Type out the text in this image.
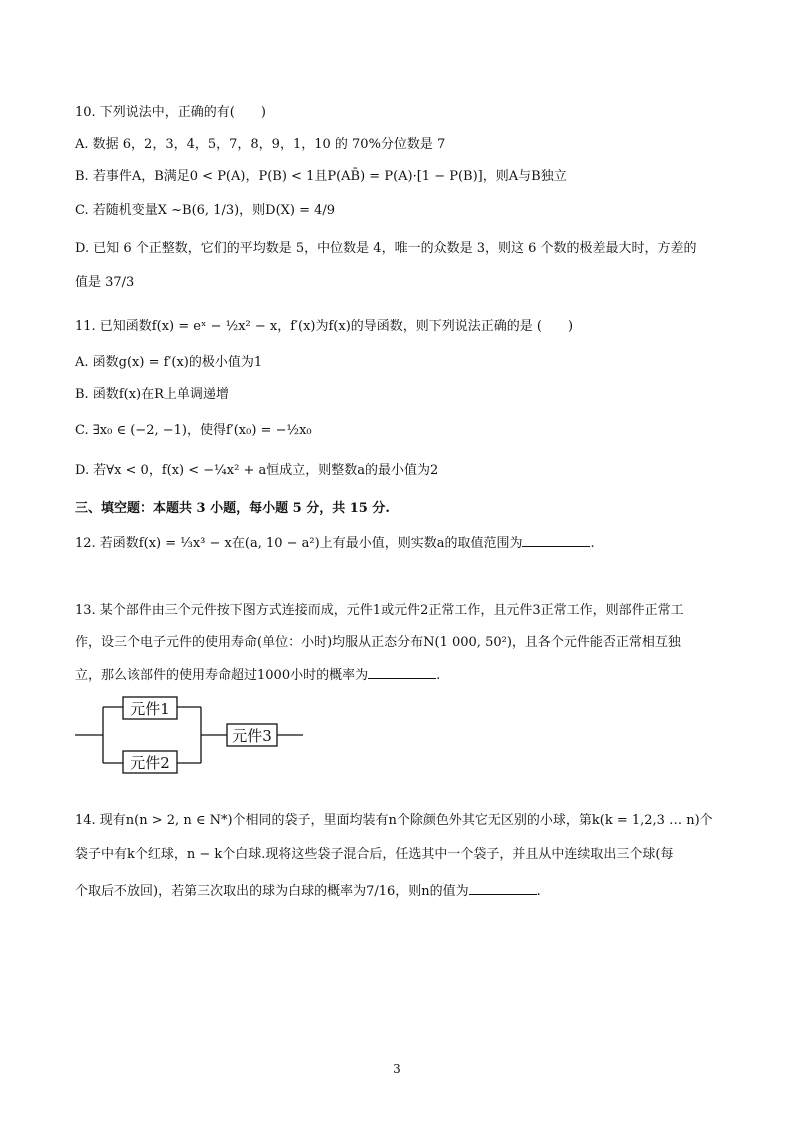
10. 下列说法中，正确的有(　　)
A. 数据 6，2，3，4，5，7，8，9，1，10 的 70%分位数是 7
B. 若事件A，B满足0 < P(A)，P(B) < 1且P(AB̄) = P(A)·[1 − P(B)]，则A与B独立
C. 若随机变量X ~B(6, 1/3)，则D(X) = 4/9
D. 已知 6 个正整数，它们的平均数是 5，中位数是 4，唯一的众数是 3，则这 6 个数的极差最大时，方差的
值是 37/3
11. 已知函数f(x) = eˣ − ½x² − x，f′(x)为f(x)的导函数，则下列说法正确的是 (　　)
A. 函数g(x) = f′(x)的极小值为1
B. 函数f(x)在R上单调递增
C. ∃x₀ ∈ (−2, −1)，使得f′(x₀) = −½x₀
D. 若∀x < 0，f(x) < −¼x² + a恒成立，则整数a的最小值为2
三、填空题：本题共 3 小题，每小题 5 分，共 15 分.
12. 若函数f(x) = ⅓x³ − x在(a, 10 − a²)上有最小值，则实数a的取值范围为	.
13. 某个部件由三个元件按下图方式连接而成，元件1或元件2正常工作，且元件3正常工作，则部件正常工
作，设三个电子元件的使用寿命(单位：小时)均服从正态分布N(1 000, 50²)，且各个元件能否正常相互独
立，那么该部件的使用寿命超过1000小时的概率为	.
元件1
元件2
元件3
14. 现有n(n > 2, n ∈ N*)个相同的袋子，里面均装有n个除颜色外其它无区别的小球，第k(k = 1,2,3 … n)个
袋子中有k个红球，n − k个白球.现将这些袋子混合后，任选其中一个袋子，并且从中连续取出三个球(每
个取后不放回)，若第三次取出的球为白球的概率为7/16，则n的值为	.
3
